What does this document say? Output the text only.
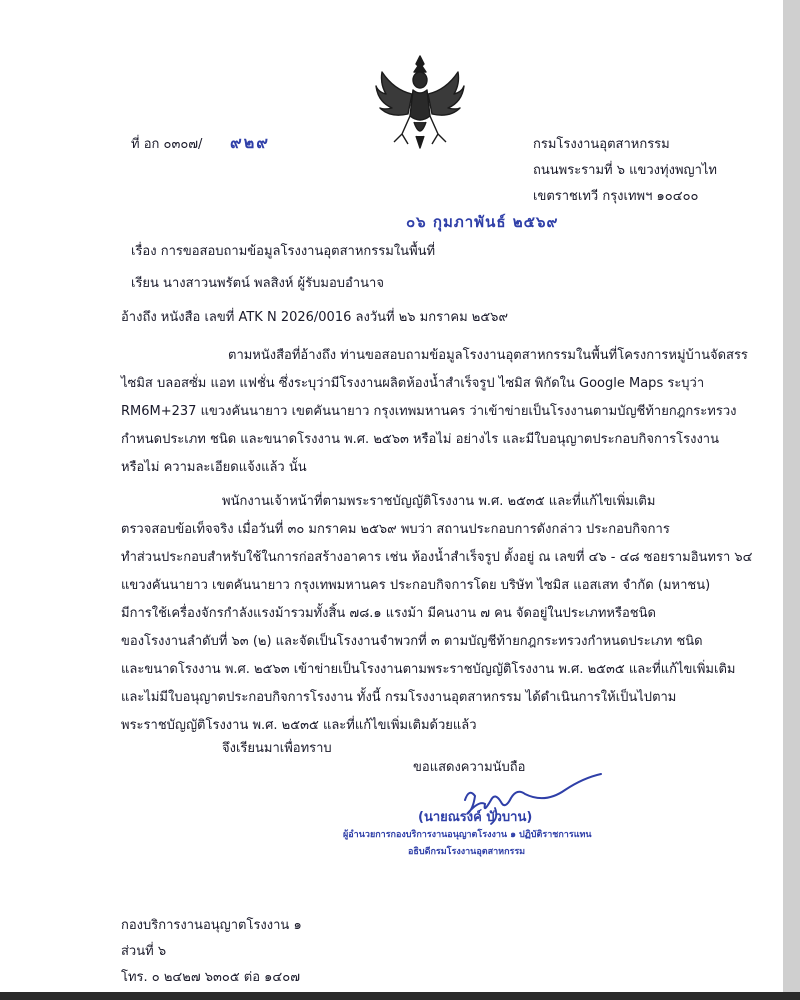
ที่ อก ๐๓๐๗/ ๙๒๙	กรมโรงงานอุตสาหกรรม
ถนนพระรามที่ ๖ แขวงทุ่งพญาไท
เขตราชเทวี กรุงเทพฯ ๑๐๔๐๐
๐๖ กุมภาพันธ์ ๒๕๖๙
เรื่อง การขอสอบถามข้อมูลโรงงานอุตสาหกรรมในพื้นที่
เรียน นางสาวนพรัตน์ พลสิงห์ ผู้รับมอบอำนาจ
อ้างถึง หนังสือ เลขที่ ATK N 2026/0016 ลงวันที่ ๒๖ มกราคม ๒๕๖๙
ตามหนังสือที่อ้างถึง ท่านขอสอบถามข้อมูลโรงงานอุตสาหกรรมในพื้นที่โครงการหมู่บ้านจัดสรร
ไซมิส บลอสซั่ม แอท แฟชั่น ซึ่งระบุว่ามีโรงงานผลิตห้องน้ำสำเร็จรูป ไซมิส พิกัดใน Google Maps ระบุว่า
RM6M+237 แขวงคันนายาว เขตคันนายาว กรุงเทพมหานคร ว่าเข้าข่ายเป็นโรงงานตามบัญชีท้ายกฎกระทรวง
กำหนดประเภท ชนิด และขนาดโรงงาน พ.ศ. ๒๕๖๓ หรือไม่ อย่างไร และมีใบอนุญาตประกอบกิจการโรงงาน
หรือไม่ ความละเอียดแจ้งแล้ว นั้น
พนักงานเจ้าหน้าที่ตามพระราชบัญญัติโรงงาน พ.ศ. ๒๕๓๕ และที่แก้ไขเพิ่มเติม
ตรวจสอบข้อเท็จจริง เมื่อวันที่ ๓๐ มกราคม ๒๕๖๙ พบว่า สถานประกอบการดังกล่าว ประกอบกิจการ
ทำส่วนประกอบสำหรับใช้ในการก่อสร้างอาคาร เช่น ห้องน้ำสำเร็จรูป ตั้งอยู่ ณ เลขที่ ๔๖ - ๔๘ ซอยรามอินทรา ๖๔
แขวงคันนายาว เขตคันนายาว กรุงเทพมหานคร ประกอบกิจการโดย บริษัท ไซมิส แอสเสท จำกัด (มหาชน)
มีการใช้เครื่องจักรกำลังแรงม้ารวมทั้งสิ้น ๗๘.๑ แรงม้า มีคนงาน ๗ คน จัดอยู่ในประเภทหรือชนิด
ของโรงงานลำดับที่ ๖๓ (๒) และจัดเป็นโรงงานจำพวกที่ ๓ ตามบัญชีท้ายกฎกระทรวงกำหนดประเภท ชนิด
และขนาดโรงงาน พ.ศ. ๒๕๖๓ เข้าข่ายเป็นโรงงานตามพระราชบัญญัติโรงงาน พ.ศ. ๒๕๓๕ และที่แก้ไขเพิ่มเติม
และไม่มีใบอนุญาตประกอบกิจการโรงงาน ทั้งนี้ กรมโรงงานอุตสาหกรรม ได้ดำเนินการให้เป็นไปตาม
พระราชบัญญัติโรงงาน พ.ศ. ๒๕๓๕ และที่แก้ไขเพิ่มเติมด้วยแล้ว
ขอแสดงความนับถือ
(นายณรงค์ บัวบาน)
ผู้อำนวยการกองบริการงานอนุญาตโรงงาน ๑ ปฏิบัติราชการแทน
อธิบดีกรมโรงงานอุตสาหกรรม
กองบริการงานอนุญาตโรงงาน ๑
ส่วนที่ ๖
โทร. ๐ ๒๔๒๗ ๖๓๐๕ ต่อ ๑๔๐๗
จึงเรียนมาเพื่อทราบ
